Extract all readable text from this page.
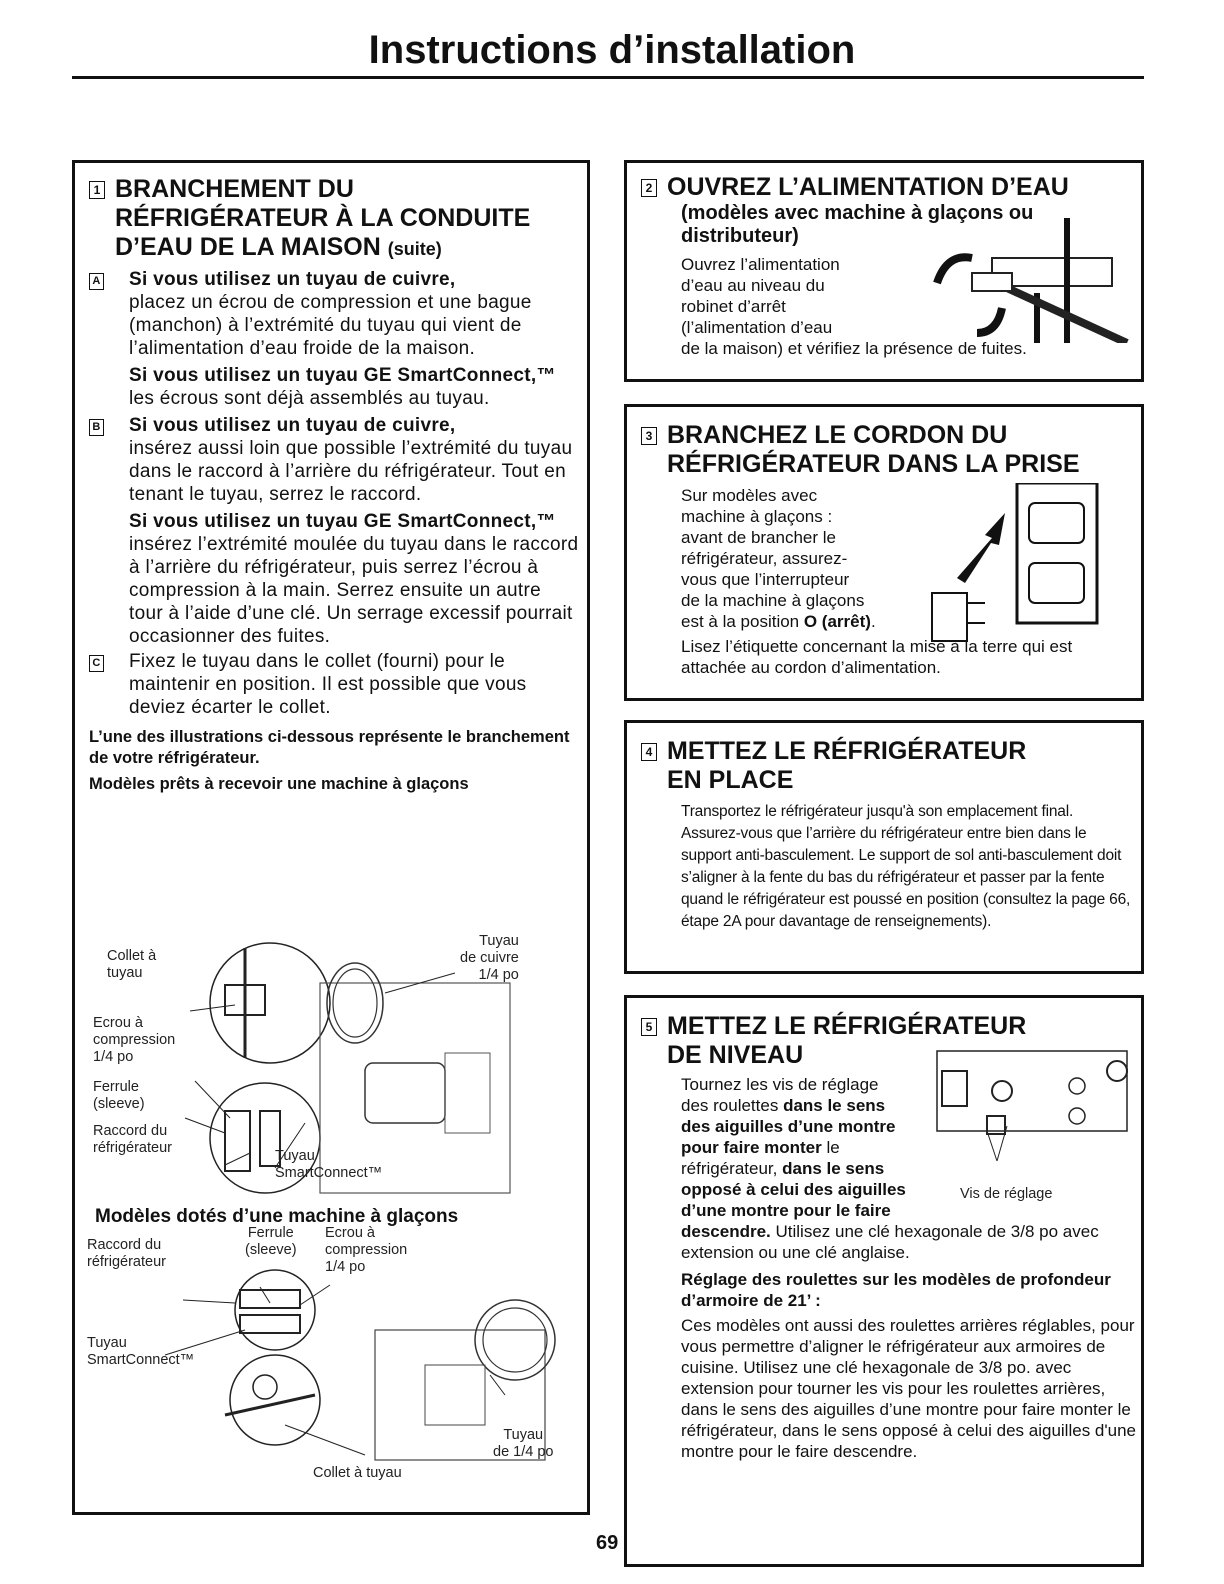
Instructions d’installation
1 BRANCHEMENT DU
RÉFRIGÉRATEUR À LA CONDUITE
D’EAU DE LA MAISON (suite)
A Si vous utilisez un tuyau de cuivre,
placez un écrou de compression et une bague (manchon) à l’extrémité du tuyau qui vient de l’alimentation d’eau froide de la maison.
Si vous utilisez un tuyau GE SmartConnect,™ les écrous sont déjà assemblés au tuyau.
B Si vous utilisez un tuyau de cuivre,
insérez aussi loin que possible l’extrémité du tuyau dans le raccord à l’arrière du réfrigérateur. Tout en tenant le tuyau, serrez le raccord.
Si vous utilisez un tuyau GE SmartConnect,™ insérez l’extrémité moulée du tuyau dans le raccord à l’arrière du réfrigérateur, puis serrez l’écrou à compression à la main. Serrez ensuite un autre tour à l’aide d’une clé. Un serrage excessif pourrait occasionner des fuites.
C Fixez le tuyau dans le collet (fourni) pour le maintenir en position. Il est possible que vous deviez écarter le collet.
L’une des illustrations ci-dessous représente le branchement de votre réfrigérateur.
Modèles prêts à recevoir une machine à glaçons
Collet à
tuyau
Tuyau
de cuivre
1/4 po
Ecrou à
compression
1/4 po
Ferrule
(sleeve)
Raccord du
réfrigérateur	Tuyau
SmartConnect™
Modèles dotés d’une machine à glaçons
Raccord du
réfrigérateur
Ferrule
(sleeve)
Ecrou à
compression
1/4 po
Tuyau
SmartConnect™
Tuyau
de 1/4 po
Collet à tuyau
2 OUVREZ L’ALIMENTATION D’EAU
(modèles avec machine à glaçons ou distributeur)
Ouvrez l’alimentation
d’eau au niveau du
robinet d’arrêt
(l’alimentation d’eau
de la maison) et vérifiez la présence de fuites.
3 BRANCHEZ LE CORDON DU
RÉFRIGÉRATEUR DANS LA PRISE
Sur modèles avec
machine à glaçons :
avant de brancher le
réfrigérateur, assurez-
vous que l’interrupteur
de la machine à glaçons
est à la position O (arrêt).
Lisez l’étiquette concernant la mise à la terre qui est attachée au cordon d’alimentation.
4 METTEZ LE RÉFRIGÉRATEUR
EN PLACE
Transportez le réfrigérateur jusqu'à son emplacement final. Assurez-vous que l’arrière du réfrigérateur entre bien dans le support anti-basculement. Le support de sol anti-basculement doit s’aligner à la fente du bas du réfrigérateur et passer par la fente quand le réfrigérateur est poussé en position (consultez la page 66, étape 2A pour davantage de renseignements).
5 METTEZ LE RÉFRIGÉRATEUR
DE NIVEAU
Tournez les vis de réglage
des roulettes dans le sens
des aiguilles d’une montre
pour faire monter le
réfrigérateur, dans le sens
opposé à celui des aiguilles
d’une montre pour le faire
descendre. Utilisez une clé hexagonale de 3/8 po avec extension ou une clé anglaise.
Réglage des roulettes sur les modèles de profondeur d’armoire de 21’ :
Ces modèles ont aussi des roulettes arrières réglables, pour vous permettre d’aligner le réfrigérateur aux armoires de cuisine. Utilisez une clé hexagonale de 3/8 po. avec extension pour tourner les vis pour les roulettes arrières, dans le sens des aiguilles d’une montre pour faire monter le réfrigérateur, dans le sens opposé à celui des aiguilles d'une montre pour le faire descendre.
Vis de réglage
69
